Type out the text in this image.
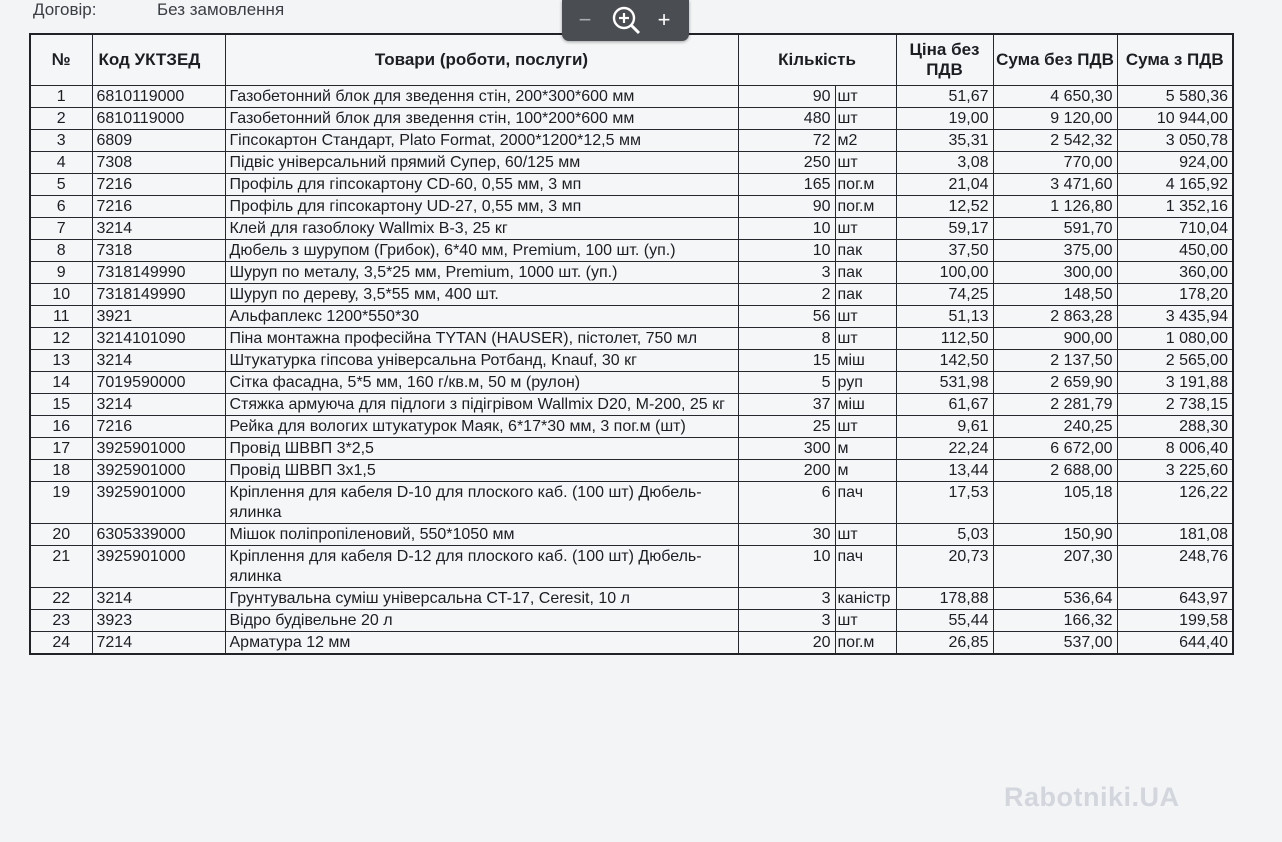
Договір:	Без замовлення
№	Код УКТЗЕД	Товари (роботи, послуги)	Кількість		Ціна без ПДВ	Сума без ПДВ	Сума з ПДВ
1	6810119000	Газобетонний блок для зведення стін, 200*300*600 мм	90	шт	51,67	4 650,30	5 580,36
2	6810119000	Газобетонний блок для зведення стін, 100*200*600 мм	480	шт	19,00	9 120,00	10 944,00
3	6809	Гіпсокартон Стандарт, Plato Format, 2000*1200*12,5 мм	72	м2	35,31	2 542,32	3 050,78
4	7308	Підвіс універсальний прямий Супер, 60/125 мм	250	шт	3,08	770,00	924,00
5	7216	Профіль для гіпсокартону CD-60, 0,55 мм, 3 мп	165	пог.м	21,04	3 471,60	4 165,92
6	7216	Профіль для гіпсокартону UD-27, 0,55 мм, 3 мп	90	пог.м	12,52	1 126,80	1 352,16
7	3214	Клей для газоблоку Wallmix B-3, 25 кг	10	шт	59,17	591,70	710,04
8	7318	Дюбель з шурупом (Грибок), 6*40 мм, Premium, 100 шт. (уп.)	10	пак	37,50	375,00	450,00
9	7318149990	Шуруп по металу, 3,5*25 мм, Premium, 1000 шт. (уп.)	3	пак	100,00	300,00	360,00
10	7318149990	Шуруп по дереву, 3,5*55 мм, 400 шт.	2	пак	74,25	148,50	178,20
11	3921	Альфаплекс 1200*550*30	56	шт	51,13	2 863,28	3 435,94
12	3214101090	Піна монтажна професійна TYTAN (HAUSER), пістолет, 750 мл	8	шт	112,50	900,00	1 080,00
13	3214	Штукатурка гіпсова універсальна Ротбанд, Knauf, 30 кг	15	міш	142,50	2 137,50	2 565,00
14	7019590000	Сітка фасадна, 5*5 мм, 160 г/кв.м, 50 м (рулон)	5	руп	531,98	2 659,90	3 191,88
15	3214	Стяжка армуюча для підлоги з підігрівом Wallmix D20, M-200, 25 кг	37	міш	61,67	2 281,79	2 738,15
16	7216	Рейка для вологих штукатурок Маяк, 6*17*30 мм, 3 пог.м (шт)	25	шт	9,61	240,25	288,30
17	3925901000	Провід ШВВП 3*2,5	300	м	22,24	6 672,00	8 006,40
18	3925901000	Провід ШВВП 3х1,5	200	м	13,44	2 688,00	3 225,60
19	3925901000	Кріплення для кабеля D-10 для плоского каб. (100 шт) Дюбель-ялинка	6	пач	17,53	105,18	126,22
20	6305339000	Мішок поліпропіленовий, 550*1050 мм	30	шт	5,03	150,90	181,08
21	3925901000	Кріплення для кабеля D-12 для плоского каб. (100 шт) Дюбель-ялинка	10	пач	20,73	207,30	248,76
22	3214	Грунтувальна суміш універсальна CT-17, Ceresit, 10 л	3	каністр	178,88	536,64	643,97
23	3923	Відро будівельне 20 л	3	шт	55,44	166,32	199,58
24	7214	Арматура 12 мм	20	пог.м	26,85	537,00	644,40
−	+
Rabotniki.UA
